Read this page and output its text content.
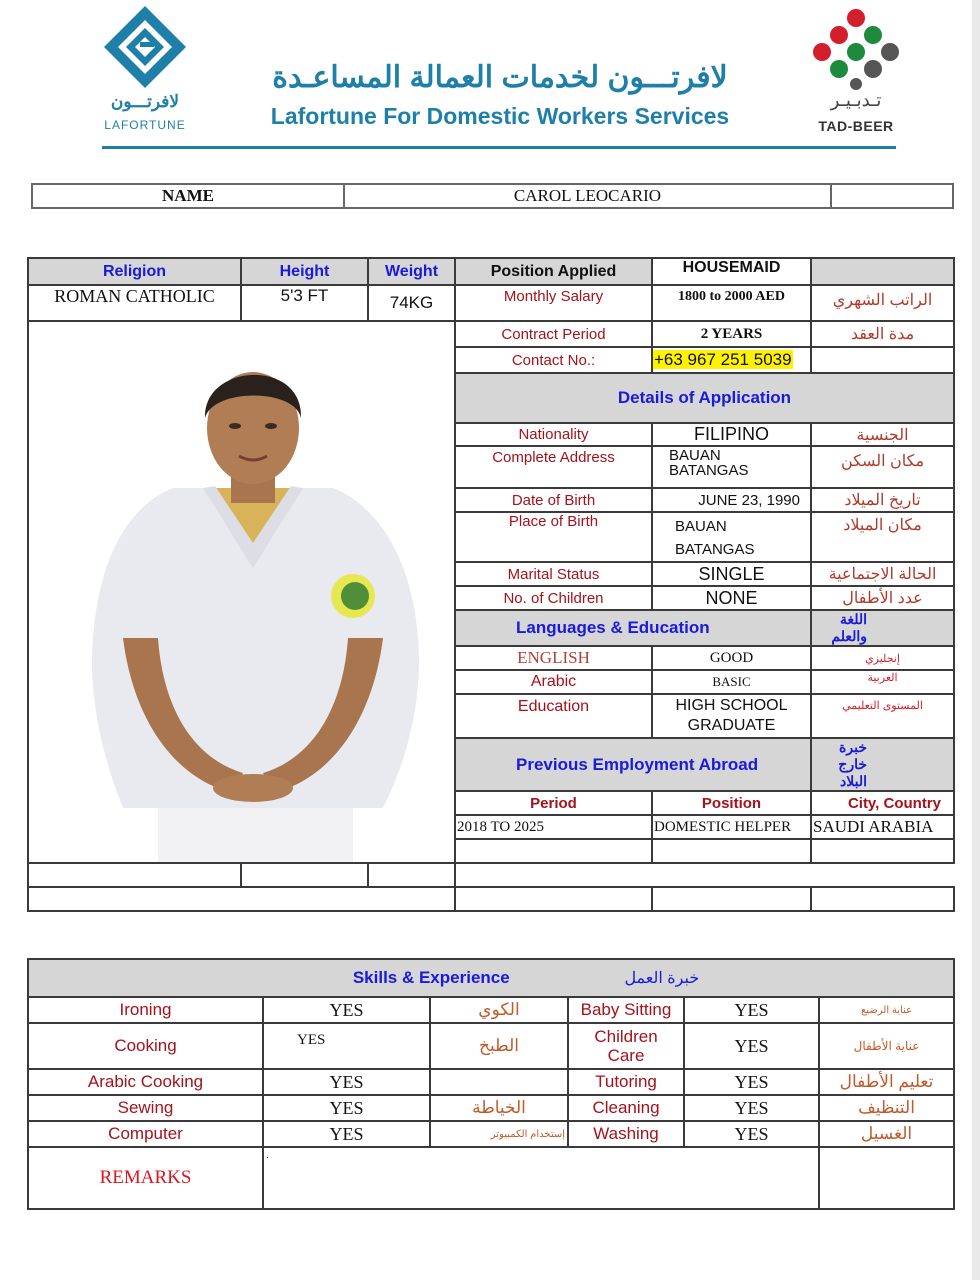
لافرتـــون
LAFORTUNE
لافرتـــون لخدمات العمالة المساعـدة
Lafortune For Domestic Workers Services
تـدبـيـر
TAD-BEER
NAME	CAROL LEOCARIO	
Religion	Height	Weight	Position Applied	HOUSEMAID	
ROMAN CATHOLIC	5'3 FT	74KG	Monthly Salary	1800 to 2000 AED	الراتب الشهري

	Contract Period	2 YEARS	مدة العقد
			Contact No.:	+63 967 251 5039	
			Details of Application		
			Nationality	FILIPINO	الجنسية
			Complete Address	BAUAN BATANGAS	مكان السكن
			Date of Birth	JUNE 23, 1990	تاريخ الميلاد
			Place of Birth	BAUAN BATANGAS	مكان الميلاد
			Marital Status	SINGLE	الحالة الاجتماعية
			No. of Children	NONE	عدد الأطفال
			Languages & Education		اللغة والعلم
			ENGLISH	GOOD	إنجليزي
			Arabic	BASIC	العربية
			Education	HIGH SCHOOL GRADUATE	المستوى التعليمي
			Previous Employment Abroad		خبرة خارج البلاد
			Period	Position	City, Country
			2018 TO 2025	DOMESTIC HELPER	SAUDI ARABIA

Skills & Experience خبرة العمل					
Ironing	YES	الكوي	Baby Sitting	YES	عناية الرضيع
Cooking	YES	الطبخ	Children Care	YES	عناية الأطفال
Arabic Cooking	YES		Tutoring	YES	تعليم الأطفال
Sewing	YES	الخياطة	Cleaning	YES	التنظيف
Computer	YES	إستخدام الكمبيوتر	Washing	YES	الغسيل
REMARKS	.				
